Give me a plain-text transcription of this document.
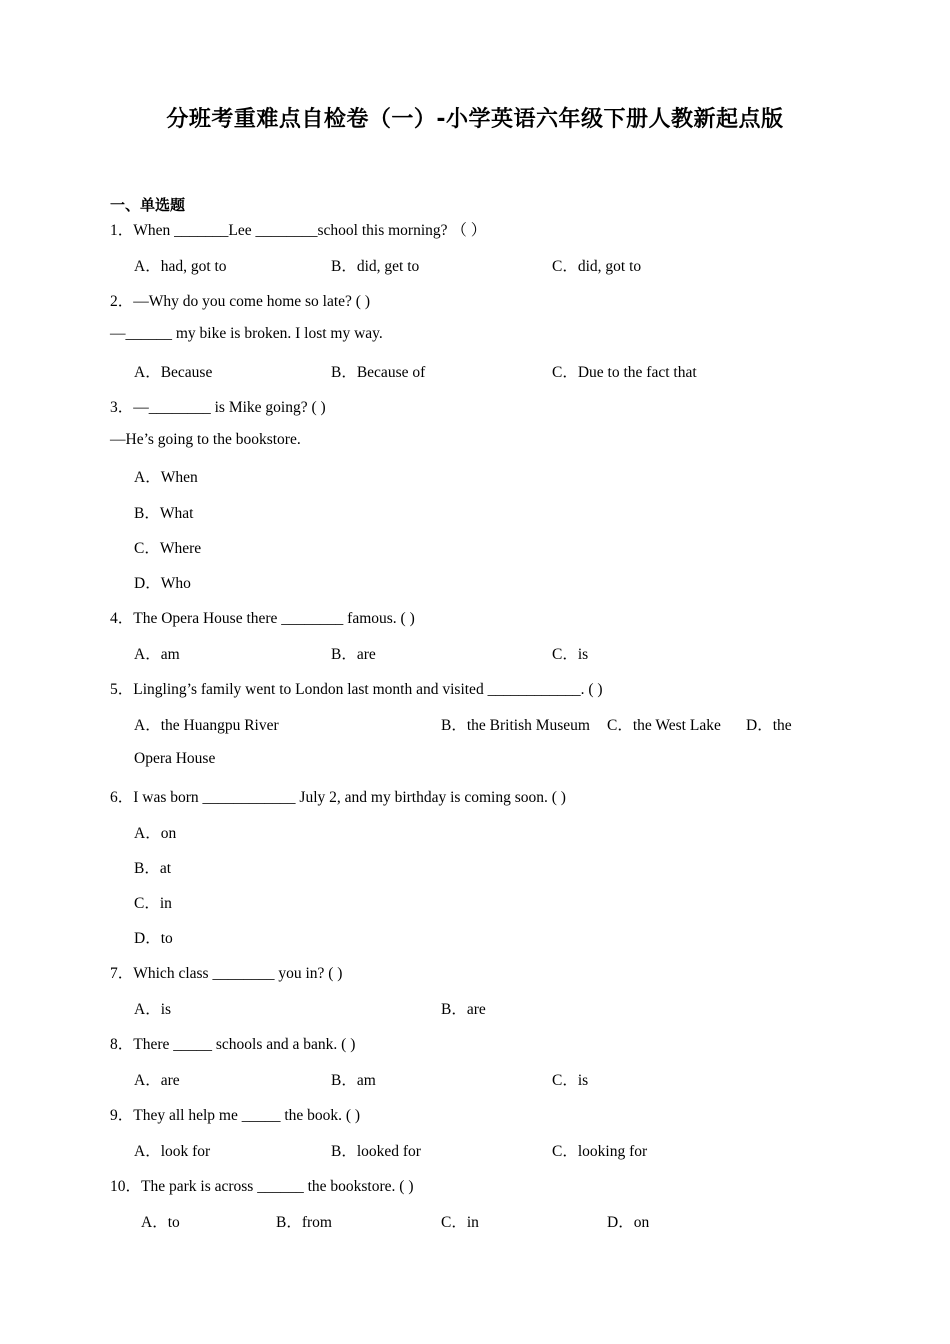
分班考重难点自检卷（一）-小学英语六年级下册人教新起点版
一、单选题
1．When _______Lee ________school this morning? （ ）
A．had, got to	B．did, get to	C．did, got to
2．—Why do you come home so late? ( )
—______ my bike is broken. I lost my way.
A．Because	B．Because of	C．Due to the fact that
3．—________ is Mike going? ( )
—He’s going to the bookstore.
A．When
B．What
C．Where
D．Who
4．The Opera House there ________ famous. ( )
A．am	B．are	C．is
5．Lingling’s family went to London last month and visited ____________. ( )
A．the Huangpu River	B．the British Museum C．the West Lake D．the
Opera House
6．I was born ____________ July 2, and my birthday is coming soon. ( )
A．on
B．at
C．in
D．to
7．Which class ________ you in? ( )
A．is	B．are
8．There _____ schools and a bank. ( )
A．are	B．am	C．is
9．They all help me _____ the book. ( )
A．look for	B．looked for	C．looking for
10．The park is across ______ the bookstore. ( )
A．to	B．from	C．in	D．on
